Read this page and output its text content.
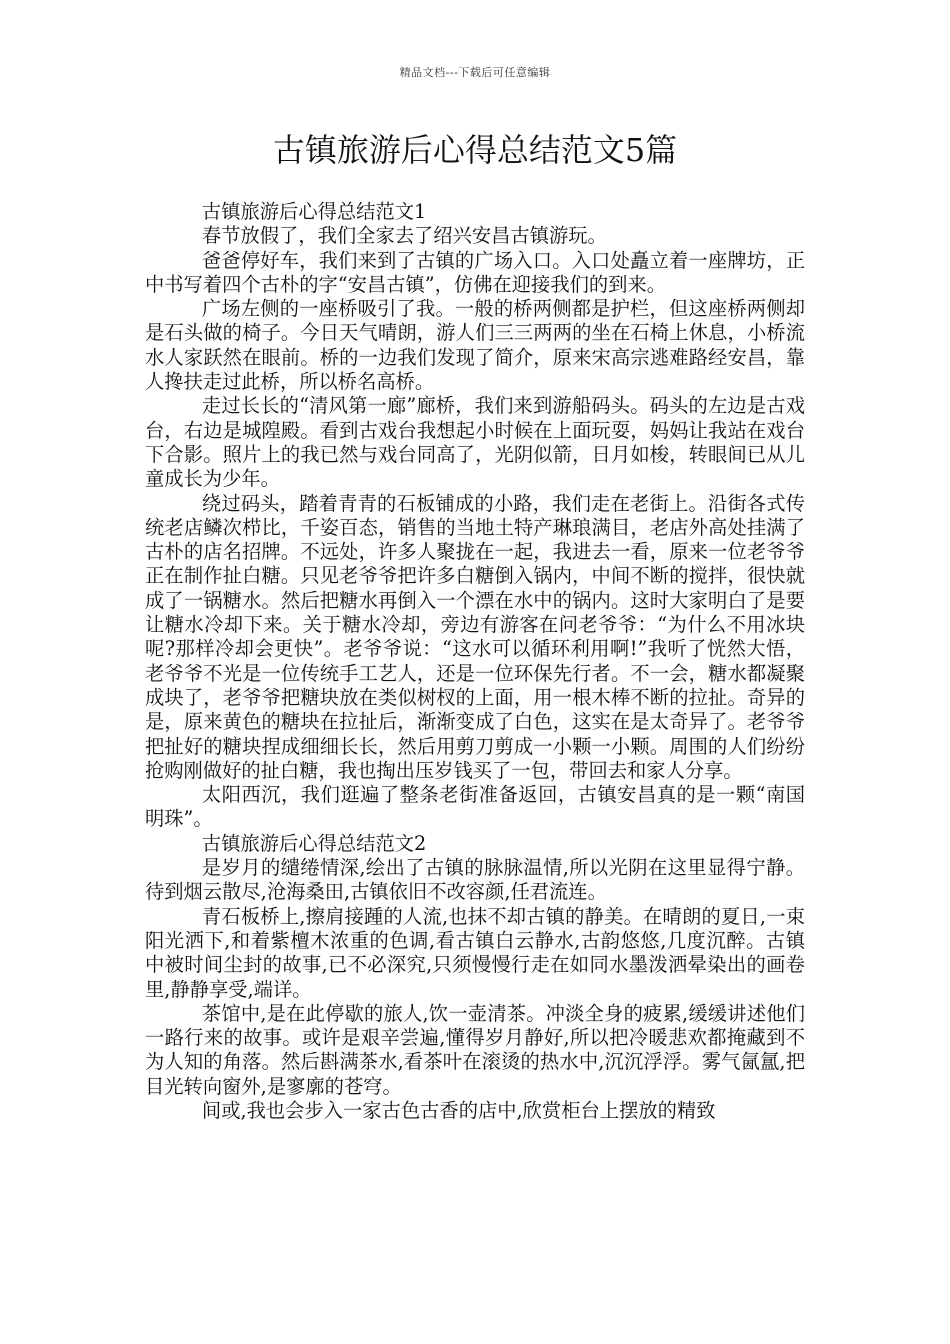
精品文档---下载后可任意编辑
古镇旅游后心得总结范文5篇

古镇旅游后心得总结范文1

春节放假了，我们全家去了绍兴安昌古镇游玩。

爸爸停好车，我们来到了古镇的广场入口。入口处矗立着一座牌坊，正中书写着四个古朴的字“安昌古镇”，仿佛在迎接我们的到来。

广场左侧的一座桥吸引了我。一般的桥两侧都是护栏，但这座桥两侧却是石头做的椅子。今日天气晴朗，游人们三三两两的坐在石椅上休息，小桥流水人家跃然在眼前。桥的一边我们发现了简介，原来宋高宗逃难路经安昌，靠人搀扶走过此桥，所以桥名高桥。

走过长长的“清风第一廊”廊桥，我们来到游船码头。码头的左边是古戏台，右边是城隍殿。看到古戏台我想起小时候在上面玩耍，妈妈让我站在戏台下合影。照片上的我已然与戏台同高了，光阴似箭，日月如梭，转眼间已从儿童成长为少年。

绕过码头，踏着青青的石板铺成的小路，我们走在老街上。沿街各式传统老店鳞次栉比，千姿百态，销售的当地土特产琳琅满目，老店外高处挂满了古朴的店名招牌。不远处，许多人聚拢在一起，我进去一看，原来一位老爷爷正在制作扯白糖。只见老爷爷把许多白糖倒入锅内，中间不断的搅拌，很快就成了一锅糖水。然后把糖水再倒入一个漂在水中的锅内。这时大家明白了是要让糖水冷却下来。关于糖水冷却，旁边有游客在问老爷爷：“为什么不用冰块呢?那样冷却会更快”。老爷爷说：“这水可以循环利用啊!”我听了恍然大悟，老爷爷不光是一位传统手工艺人，还是一位环保先行者。不一会，糖水都凝聚成块了，老爷爷把糖块放在类似树杈的上面，用一根木棒不断的拉扯。奇异的是，原来黄色的糖块在拉扯后，渐渐变成了白色，这实在是太奇异了。老爷爷把扯好的糖块捏成细细长长，然后用剪刀剪成一小颗一小颗。周围的人们纷纷抢购刚做好的扯白糖，我也掏出压岁钱买了一包，带回去和家人分享。

太阳西沉，我们逛遍了整条老街准备返回，古镇安昌真的是一颗“南国明珠”。

古镇旅游后心得总结范文2

是岁月的缱绻情深,绘出了古镇的脉脉温情,所以光阴在这里显得宁静。待到烟云散尽,沧海桑田,古镇依旧不改容颜,任君流连。

青石板桥上,擦肩接踵的人流,也抹不却古镇的静美。在晴朗的夏日,一束阳光洒下,和着紫檀木浓重的色调,看古镇白云静水,古韵悠悠,几度沉醉。古镇中被时间尘封的故事,已不必深究,只须慢慢行走在如同水墨泼洒晕染出的画卷里,静静享受,端详。

茶馆中,是在此停歇的旅人,饮一壶清茶。冲淡全身的疲累,缓缓讲述他们一路行来的故事。或许是艰辛尝遍,懂得岁月静好,所以把冷暖悲欢都掩藏到不为人知的角落。然后斟满茶水,看茶叶在滚烫的热水中,沉沉浮浮。雾气氤氲,把目光转向窗外,是寥廓的苍穹。

间或,我也会步入一家古色古香的店中,欣赏柜台上摆放的精致
